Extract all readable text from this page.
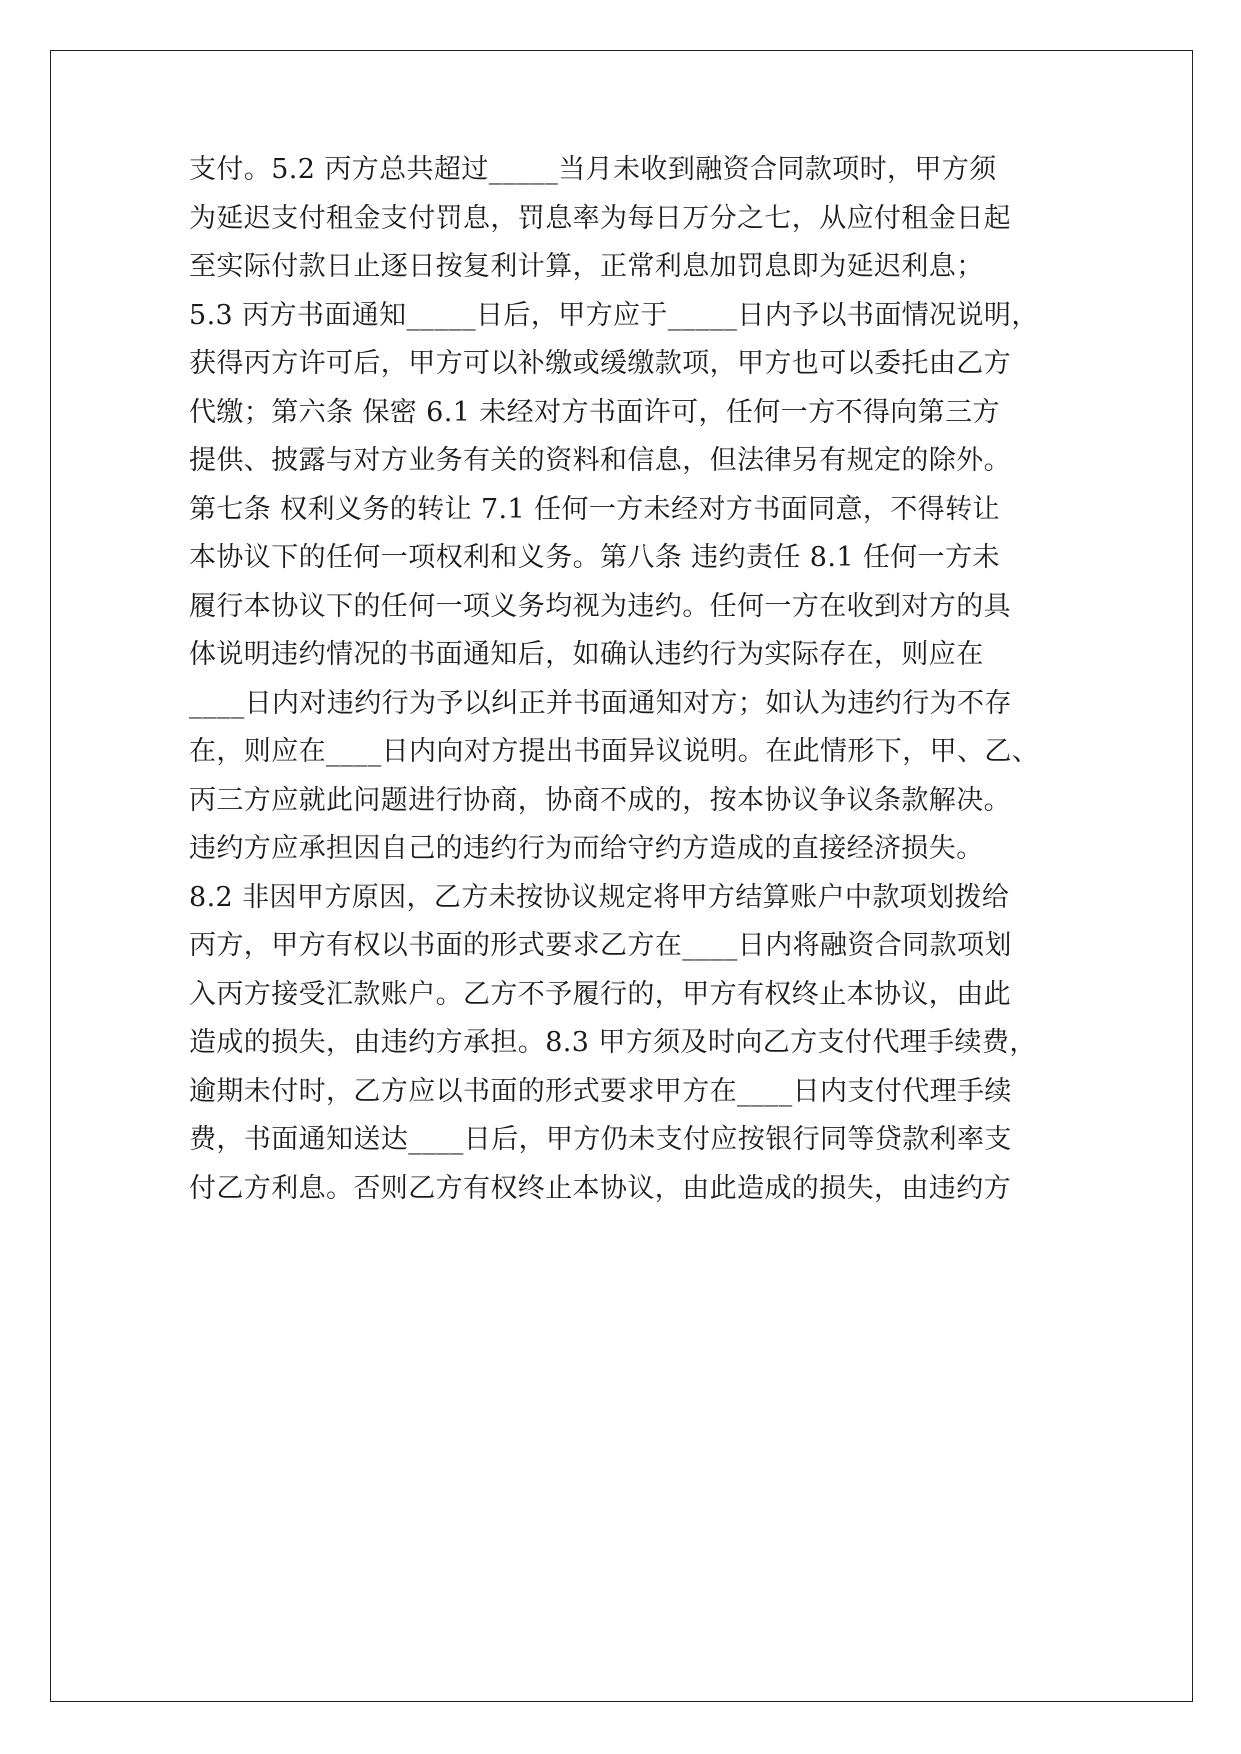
支付。5.2 丙方总共超过_____当月未收到融资合同款项时，甲方须
为延迟支付租金支付罚息，罚息率为每日万分之七，从应付租金日起
至实际付款日止逐日按复利计算，正常利息加罚息即为延迟利息；
5.3 丙方书面通知_____日后，甲方应于_____日内予以书面情况说明，
获得丙方许可后，甲方可以补缴或缓缴款项，甲方也可以委托由乙方
代缴；第六条 保密 6.1 未经对方书面许可，任何一方不得向第三方
提供、披露与对方业务有关的资料和信息，但法律另有规定的除外。
第七条 权利义务的转让 7.1 任何一方未经对方书面同意，不得转让
本协议下的任何一项权利和义务。第八条 违约责任 8.1 任何一方未
履行本协议下的任何一项义务均视为违约。任何一方在收到对方的具
体说明违约情况的书面通知后，如确认违约行为实际存在，则应在
____日内对违约行为予以纠正并书面通知对方；如认为违约行为不存
在，则应在____日内向对方提出书面异议说明。在此情形下，甲、乙、
丙三方应就此问题进行协商，协商不成的，按本协议争议条款解决。
违约方应承担因自己的违约行为而给守约方造成的直接经济损失。
8.2 非因甲方原因，乙方未按协议规定将甲方结算账户中款项划拨给
丙方，甲方有权以书面的形式要求乙方在____日内将融资合同款项划
入丙方接受汇款账户。乙方不予履行的，甲方有权终止本协议，由此
造成的损失，由违约方承担。8.3 甲方须及时向乙方支付代理手续费，
逾期未付时，乙方应以书面的形式要求甲方在____日内支付代理手续
费，书面通知送达____日后，甲方仍未支付应按银行同等贷款利率支
付乙方利息。否则乙方有权终止本协议，由此造成的损失，由违约方
